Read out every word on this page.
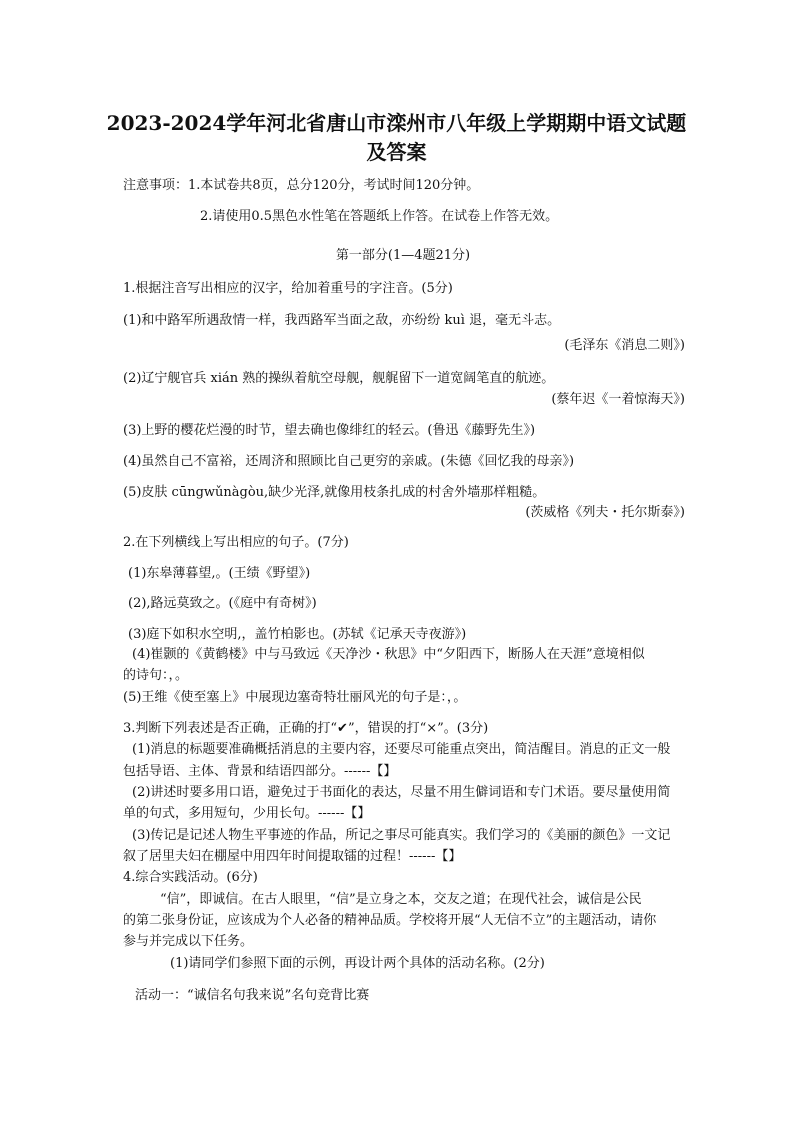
2023-2024学年河北省唐山市滦州市八年级上学期期中语文试题
及答案
注意事项：1.本试卷共8页，总分120分，考试时间120分钟。
2.请使用0.5黑色水性笔在答题纸上作答。在试卷上作答无效。
第一部分(1—4题21分)
1.根据注音写出相应的汉字，给加着重号的字注音。(5分)
(1)和中路军所遇敌情一样，我西路军当面之敌，亦纷纷 kuì 退，毫无斗志。
(毛泽东《消息二则》)
(2)辽宁舰官兵 xián 熟的操纵着航空母舰，舰艉留下一道宽阔笔直的航迹。
(蔡年迟《一着惊海天》)
(3)上野的樱花烂漫的时节，望去确也像绯红的轻云。(鲁迅《藤野先生》)
(4)虽然自己不富裕，还周济和照顾比自己更穷的亲戚。(朱德《回忆我的母亲》)
(5)皮肤 cūngwǔnàgòu,缺少光泽,就像用枝条扎成的村舍外墙那样粗糙。
(茨威格《列夫・托尔斯泰》)
2.在下列横线上写出相应的句子。(7分)
(1)东皋薄暮望,。(王绩《野望》)
(2),路远莫致之。(《庭中有奇树》)
(3)庭下如积水空明,，盖竹柏影也。(苏轼《记承天寺夜游》)
(4)崔颢的《黄鹤楼》中与马致远《天净沙・秋思》中“夕阳西下，断肠人在天涯”意境相似
的诗句：，。
(5)王维《使至塞上》中展现边塞奇特壮丽风光的句子是：，。
3.判断下列表述是否正确，正确的打“✔”，错误的打“×”。(3分)
(1)消息的标题要准确概括消息的主要内容，还要尽可能重点突出，简洁醒目。消息的正文一般
包括导语、主体、背景和结语四部分。------【】
(2)讲述时要多用口语，避免过于书面化的表达，尽量不用生僻词语和专门术语。要尽量使用简
单的句式，多用短句，少用长句。------【】
(3)传记是记述人物生平事迹的作品，所记之事尽可能真实。我们学习的《美丽的颜色》一文记
叙了居里夫妇在棚屋中用四年时间提取镭的过程！------【】
4.综合实践活动。(6分)
“信”，即诚信。在古人眼里，“信”是立身之本，交友之道；在现代社会，诚信是公民
的第二张身份证，应该成为个人必备的精神品质。学校将开展“人无信不立”的主题活动，请你
参与并完成以下任务。
(1)请同学们参照下面的示例，再设计两个具体的活动名称。(2分)
活动一：“诚信名句我来说”名句竞背比赛
